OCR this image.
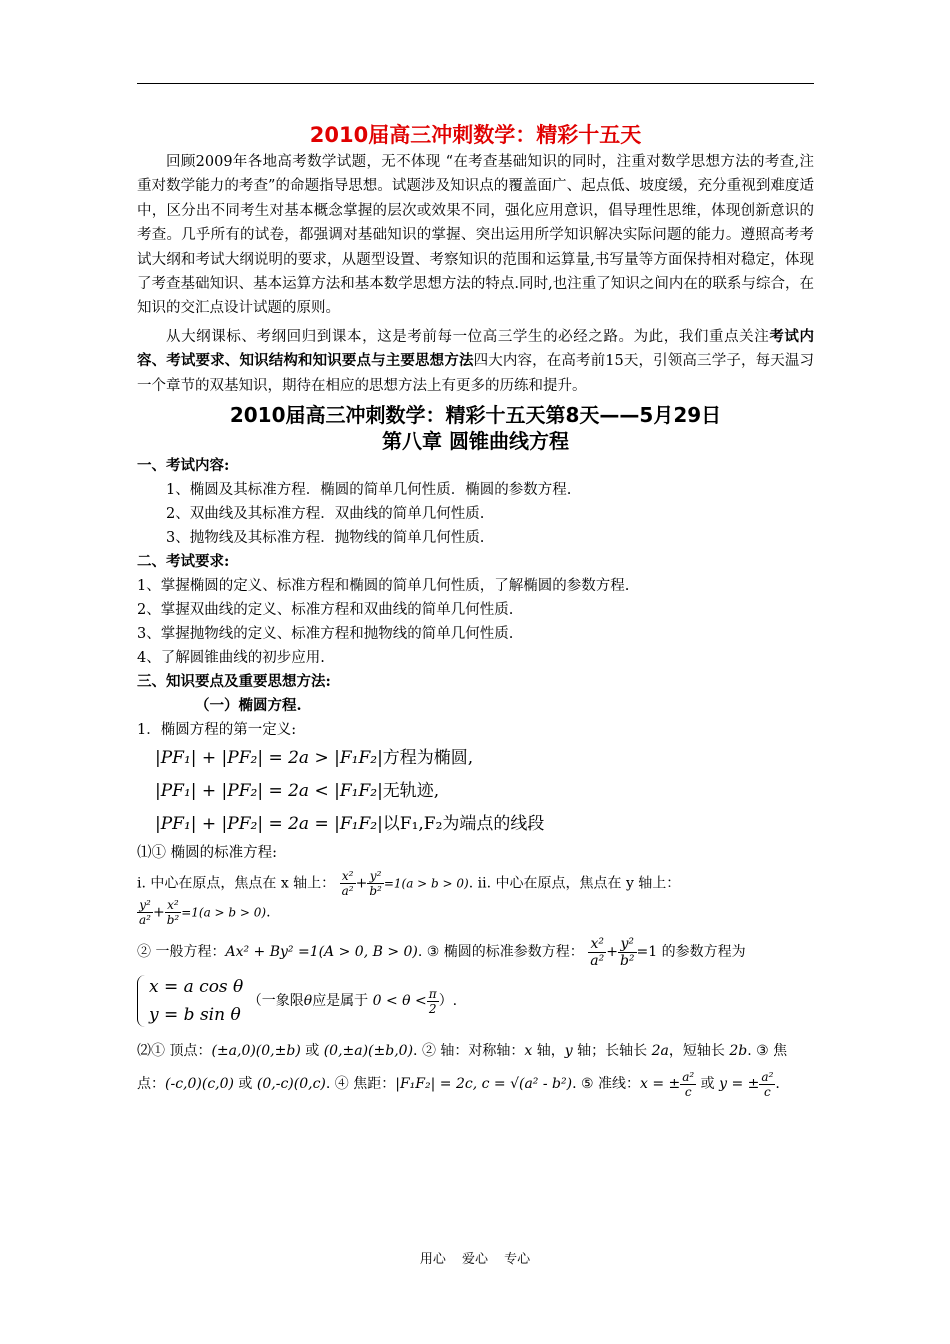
2010届高三冲刺数学：精彩十五天

回顾2009年各地高考数学试题，无不体现 “在考查基础知识的同时，注重对数学思想方法的考查,注重对数学能力的考查”的命题指导思想。试题涉及知识点的覆盖面广、起点低、坡度缓，充分重视到难度适中，区分出不同考生对基本概念掌握的层次或效果不同，强化应用意识，倡导理性思维，体现创新意识的考查。几乎所有的试卷，都强调对基础知识的掌握、突出运用所学知识解决实际问题的能力。遵照高考考试大纲和考试大纲说明的要求，从题型设置、考察知识的范围和运算量,书写量等方面保持相对稳定，体现了考查基础知识、基本运算方法和基本数学思想方法的特点.同时,也注重了知识之间内在的联系与综合，在知识的交汇点设计试题的原则。

从大纲课标、考纲回归到课本，这是考前每一位高三学生的必经之路。为此，我们重点关注考试内容、考试要求、知识结构和知识要点与主要思想方法四大内容，在高考前15天，引领高三学子，每天温习一个章节的双基知识，期待在相应的思想方法上有更多的历练和提升。

2010届高三冲刺数学：精彩十五天第8天——5月29日

第八章 圆锥曲线方程

一、考试内容:

1、椭圆及其标准方程．椭圆的简单几何性质．椭圆的参数方程.

2、双曲线及其标准方程．双曲线的简单几何性质.

3、抛物线及其标准方程．抛物线的简单几何性质.

二、考试要求:

1、掌握椭圆的定义、标准方程和椭圆的简单几何性质，了解椭圆的参数方程.

2、掌握双曲线的定义、标准方程和双曲线的简单几何性质.

3、掌握抛物线的定义、标准方程和抛物线的简单几何性质.

4、了解圆锥曲线的初步应用.

三、知识要点及重要思想方法:

（一）椭圆方程.

1．椭圆方程的第一定义:

|PF₁| + |PF₂| = 2a > |F₁F₂|方程为椭圆,

|PF₁| + |PF₂| = 2a < |F₁F₂|无轨迹,

|PF₁| + |PF₂| = 2a = |F₁F₂|以F₁,F₂为端点的线段

⑴① 椭圆的标准方程:

i. 中心在原点，焦点在 x 轴上： $\frac{\text{x²}}{\text{a²}} + \frac{\text{y²}}{\text{b²}} =1(a > b > 0)$. ii. 中心在原点，焦点在 y 轴上：

$\frac{\text{y²}}{\text{a²}} + \frac{\text{x²}}{\text{b²}} =1(a > b > 0)$.

② 一般方程：Ax² + By² =1(A > 0, B > 0). ③ 椭圆的标准参数方程： $\frac{\text{x²}}{\text{a²}} + \frac{\text{y²}}{\text{b²}} =1$ 的参数方程为

x = a cos θ
y = b sin θ
（一象限θ应是属于 $0 < \theta < \frac{\pi}{2}$ ）.

⑵① 顶点：(±a,0)(0,±b) 或 (0,±a)(±b,0). ② 轴：对称轴：x 轴，y 轴；长轴长 2a，短轴长 2b. ③ 焦

点：(-c,0)(c,0) 或 (0,-c)(0,c). ④ 焦距：|F₁F₂| = 2c, c = √(a² - b²). ⑤ 准线：x = ± $\frac{\text{a²}}{c}$ 或 y = ± $\frac{\text{a²}}{c}$ .

用心 爱心 专心
